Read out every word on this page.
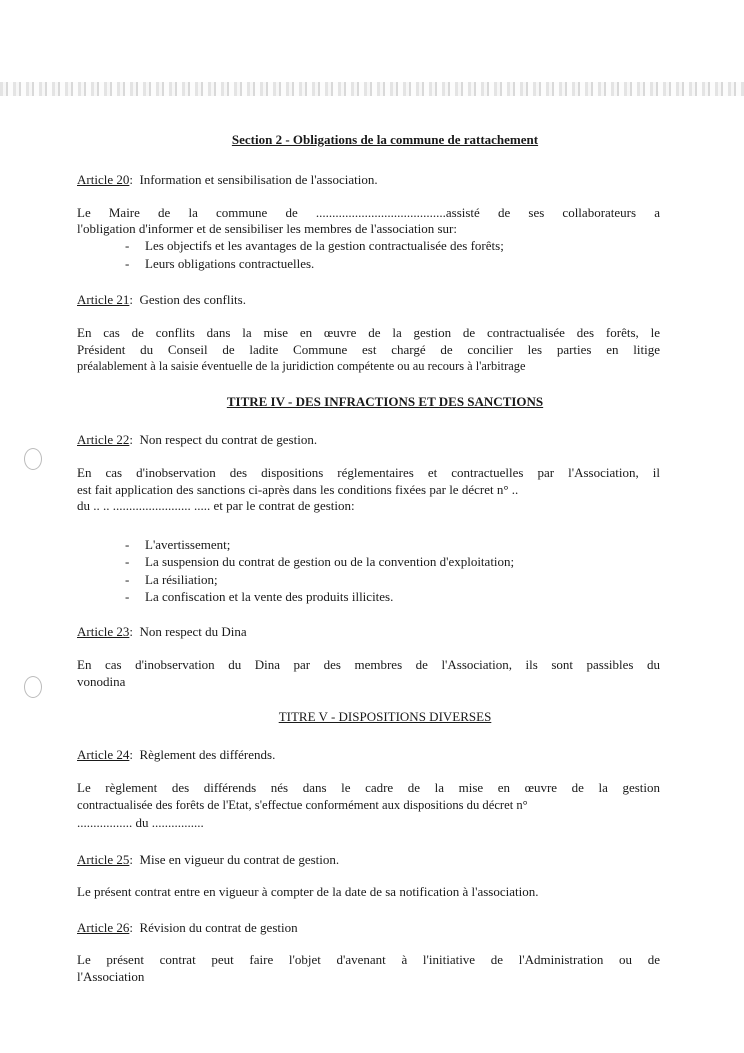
Section 2 - Obligations de la commune de rattachement
Article 20:  Information et sensibilisation de l'association.
Le Maire de la commune de ........................................assisté de ses collaborateurs a
l'obligation d'informer et de sensibiliser les membres de l'association sur:
- Les objectifs et les avantages de la gestion contractualisée des forêts;
- Leurs obligations contractuelles.
Article 21:  Gestion des conflits.
En cas de conflits dans la mise en œuvre de la gestion de contractualisée des forêts, le
Président du Conseil de ladite Commune est chargé de concilier les parties en litige
préalablement à la saisie éventuelle de la juridiction compétente ou au recours à l'arbitrage
TITRE IV - DES INFRACTIONS ET DES SANCTIONS
Article 22:  Non respect du contrat de gestion.
En cas d'inobservation des dispositions réglementaires et contractuelles par l'Association, il
est fait application des sanctions ci-après dans les conditions fixées par le décret n° ..
du .. .. ........................ ..... et par le contrat de gestion:
- L'avertissement;
- La suspension du contrat de gestion ou de la convention d'exploitation;
- La résiliation;
- La confiscation et la vente des produits illicites.
Article 23:  Non respect du Dina
En cas d'inobservation du Dina par des membres de l'Association, ils sont passibles du
vonodina
TITRE V - DISPOSITIONS DIVERSES
Article 24:  Règlement des différends.
Le règlement des différends nés dans le cadre de la mise en œuvre de la gestion
contractualisée des forêts de l'Etat, s'effectue conformément aux dispositions du décret n°
................. du ................
Article 25:  Mise en vigueur du contrat de gestion.
Le présent contrat entre en vigueur à compter de la date de sa notification à l'association.
Article 26:  Révision du contrat de gestion
Le présent contrat peut faire l'objet d'avenant à l'initiative de l'Administration ou de
l'Association
